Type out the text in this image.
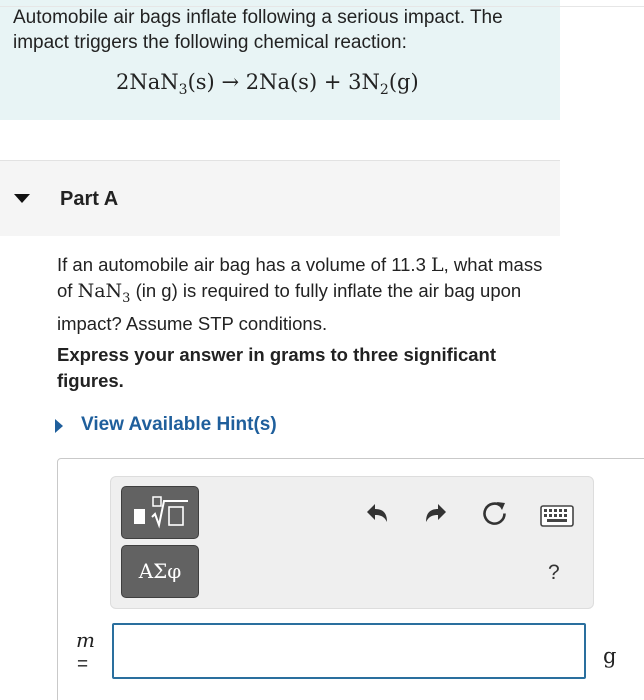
Automobile air bags inflate following a serious impact. The impact triggers the following chemical reaction:
$2NaN_3(s) \to 2Na(s) + 3N_2(g)$
Part A
If an automobile air bag has a volume of 11.3 L, what mass of NaN$_3$ (in g) is required to fully inflate the air bag upon impact? Assume STP conditions.
Express your answer in grams to three significant figures.
View Available Hint(s)
ΑΣφ	?
m
=	g
